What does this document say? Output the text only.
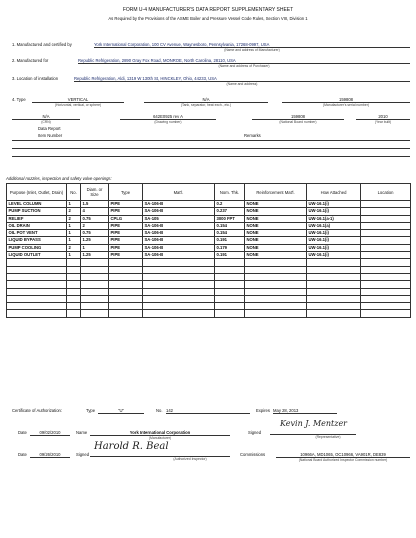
FORM U-4 MANUFACTURER'S DATA REPORT SUPPLEMENTARY SHEET
As Required by the Provisions of the ASME Boiler and Pressure Vessel Code Rules, Section VIII, Division 1
1. Manufactured and certified by	York International Corporation, 100 CV Avenue, Waynesboro, Pennsylvania, 17268-0997, USA
(Name and address of Manufacturer)
2. Manufactured for	Republic Refrigeration, 2890 Gray Fox Road, MONROE, North Carolina, 28110, USA
(Name and address of Purchaser)
3. Location of installation	Republic Refrigeration, Aldi, 1319 W 130th St, HINCKLEY, Ohio, 44233, USA
(Name and address)
4. Type	VERTICAL
(Horizontal, vertical, or sphere)
N/A
(Tank, separator, heat exch., etc.)
159808
(Manufacturer's serial number)
N/A
(CRN)
642E0925 rev A
(Drawing number)
159808
(National Board number)
2010
(Year built)
Data Report
Item Number	Remarks
Additional nozzles, inspection and safety valve openings:
Purpose (Inlet, Outlet, Drain)	No.	Diam. or Size	Type	Mat'l.	Nom. Thk.	Reinforcement Mat'l.	How Attached	Location
LEVEL COLUMN	1	1.5	PIPE	SA-106-B	0.2	NONE	UW-16.1(i)	
PUMP SUCTION	2	4	PIPE	SA-106-B	0.237	NONE	UW-16.1(i)	
RELIEF	2	0.75	CPLG	SA-105	3000 FPT	NONE	UW-16.1(a-1)	
OIL DRAIN	1	2	PIPE	SA-106-B	0.154	NONE	UW-16.1(a)	
OIL POT VENT	1	0.75	PIPE	SA-106-B	0.154	NONE	UW-16.1(i)	
LIQUID BYPASS	1	1.25	PIPE	SA-106-B	0.191	NONE	UW-16.1(i)	
PUMP COOLING	2	1	PIPE	SA-106-B	0.179	NONE	UW-16.1(i)	
LIQUID OUTLET	1	1.25	PIPE	SA-106-B	0.191	NONE	UW-16.1(i)	

Certificate of Authorization:	Type	"U"	No. 142	Expires May 28, 2013
Date	09/02/2010	Name	York International Corporation
(Manufacturer)
Signed
Kevin J. Mentzer
(Representative)
Date	09/26/2010	Signed
Harold R. Beal
(Authorized Inspector)
Commissions	10966A, MD1065, OC10966, VA901R, DE839
(National Board Authorized Inspector Commission number)
